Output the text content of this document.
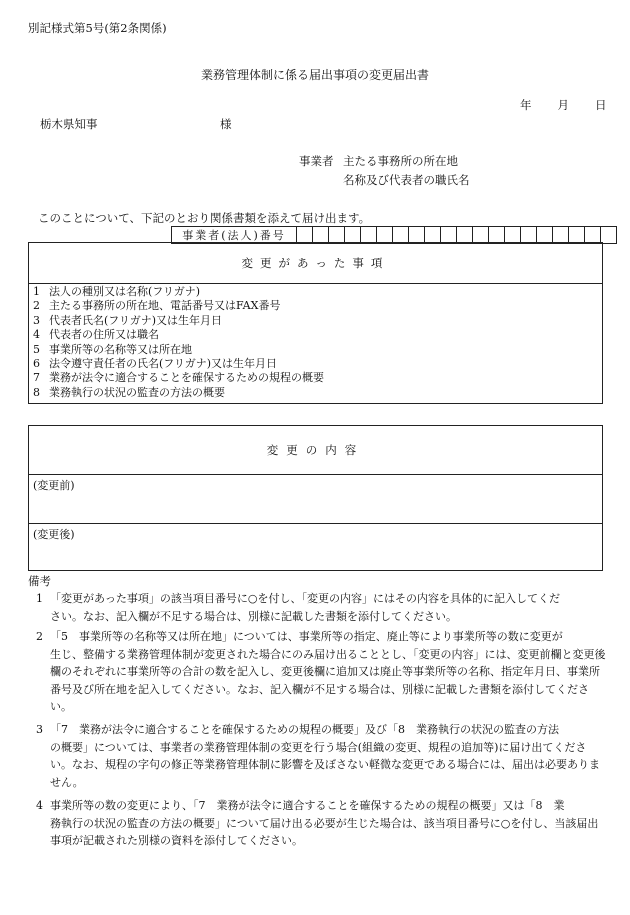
別記様式第5号(第2条関係)
業務管理体制に係る届出事項の変更届出書
年 月 日
栃木県知事	様
事業者 主たる事務所の所在地
名称及び代表者の職氏名
このことについて、下記のとおり関係書類を添えて届け出ます。
事業者(法人)番号																				
変更があった事項
1 法人の種別又は名称(フリガナ)
2 主たる事務所の所在地、電話番号又はFAX番号
3 代表者氏名(フリガナ)又は生年月日
4 代表者の住所又は職名
5 事業所等の名称等又は所在地
6 法令遵守責任者の氏名(フリガナ)又は生年月日
7 業務が法令に適合することを確保するための規程の概要
8 業務執行の状況の監査の方法の概要
変更の内容
(変更前)
(変更後)
備考
1 「変更があった事項」の該当項目番号に○を付し、「変更の内容」にはその内容を具体的に記入してくだ
さい。なお、記入欄が不足する場合は、別様に記載した書類を添付してください。
2 「5　事業所等の名称等又は所在地」については、事業所等の指定、廃止等により事業所等の数に変更が
生じ、整備する業務管理体制が変更された場合にのみ届け出ることとし、「変更の内容」には、変更前欄と変更後欄のそれぞれに事業所等の合計の数を記入し、変更後欄に追加又は廃止等事業所等の名称、指定年月日、事業所番号及び所在地を記入してください。なお、記入欄が不足する場合は、別様に記載した書類を添付してください。
3 「7　業務が法令に適合することを確保するための規程の概要」及び「8　業務執行の状況の監査の方法
の概要」については、事業者の業務管理体制の変更を行う場合(組織の変更、規程の追加等)に届け出てください。なお、規程の字句の修正等業務管理体制に影響を及ぼさない軽微な変更である場合には、届出は必要ありません。
4 事業所等の数の変更により、「7　業務が法令に適合することを確保するための規程の概要」又は「8　業
務執行の状況の監査の方法の概要」について届け出る必要が生じた場合は、該当項目番号に○を付し、当該届出事項が記載された別様の資料を添付してください。
